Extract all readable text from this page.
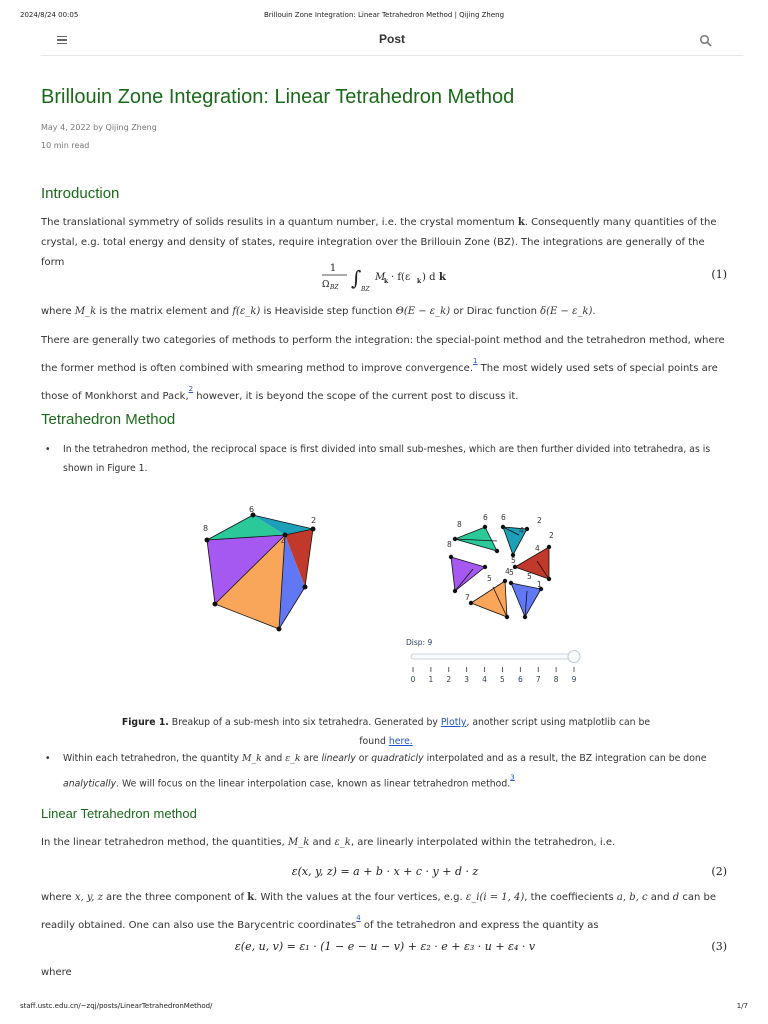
2024/8/24 00:05	Brillouin Zone Integration: Linear Tetrahedron Method | Qijing Zheng
Post
Brillouin Zone Integration: Linear Tetrahedron Method
May 4, 2022 by Qijing Zheng
10 min read
Introduction

The translational symmetry of solids resulits in a quantum number, i.e. the crystal momentum k. Consequently many quantities of the crystal, e.g. total energy and density of states, require integration over the Brillouin Zone (BZ). The integrations are generally of the form

1
Ω BZ ∫ BZ
M
k · f(ε k ) d k	(1)

where M_k is the matrix element and f(ε_k) is Heaviside step function Θ(E − ε_k) or Dirac function δ(E − ε_k).

There are generally two categories of methods to perform the integration: the special-point method and the tetrahedron method, where the former method is often combined with smearing method to improve convergence.$^{^1}$ The most widely used sets of special points are those of Monkhorst and Pack,$^{^2}$ however, it is beyond the scope of the current post to discuss it.

Tetrahedron Method
•	In the tetrahedron method, the reciprocal space is first divided into small sub-meshes, which are then further divided into tetrahedra, as is shown in Figure 1.
6
2
8
4
6 6
8
4
2
2
8	4
5
5
4
1
7
5 5
Disp: 9
0 1 2 3 4 5 6 7 8 9
Figure 1. Breakup of a sub-mesh into six tetrahedra. Generated by Plotly, another script using matplotlib can be found here.
•	Within each tetrahedron, the quantity M_k and ε_k are linearly or quadraticly interpolated and as a result, the BZ integration can be done analytically. We will focus on the linear interpolation case, known as linear tetrahedron method.$^3$
Linear Tetrahedron method

In the linear tetrahedron method, the quantities, M_k and ε_k, are linearly interpolated within the tetrahedron, i.e.

ε(x, y, z) = a + b · x + c · y + d · z	(2)

where x, y, z are the three component of k. With the values at the four vertices, e.g. ε_i(i = 1, 4), the coeffiecients a, b, c and d can be readily obtained. One can also use the Barycentric coordinates$^{^4}$ of the tetrahedron and express the quantity as

ε(e, u, v) = ε₁ · (1 − e − u − v) + ε₂ · e + ε₃ · u + ε₄ · v	(3)

where

staff.ustc.edu.cn/~zqj/posts/LinearTetrahedronMethod/	1/7
